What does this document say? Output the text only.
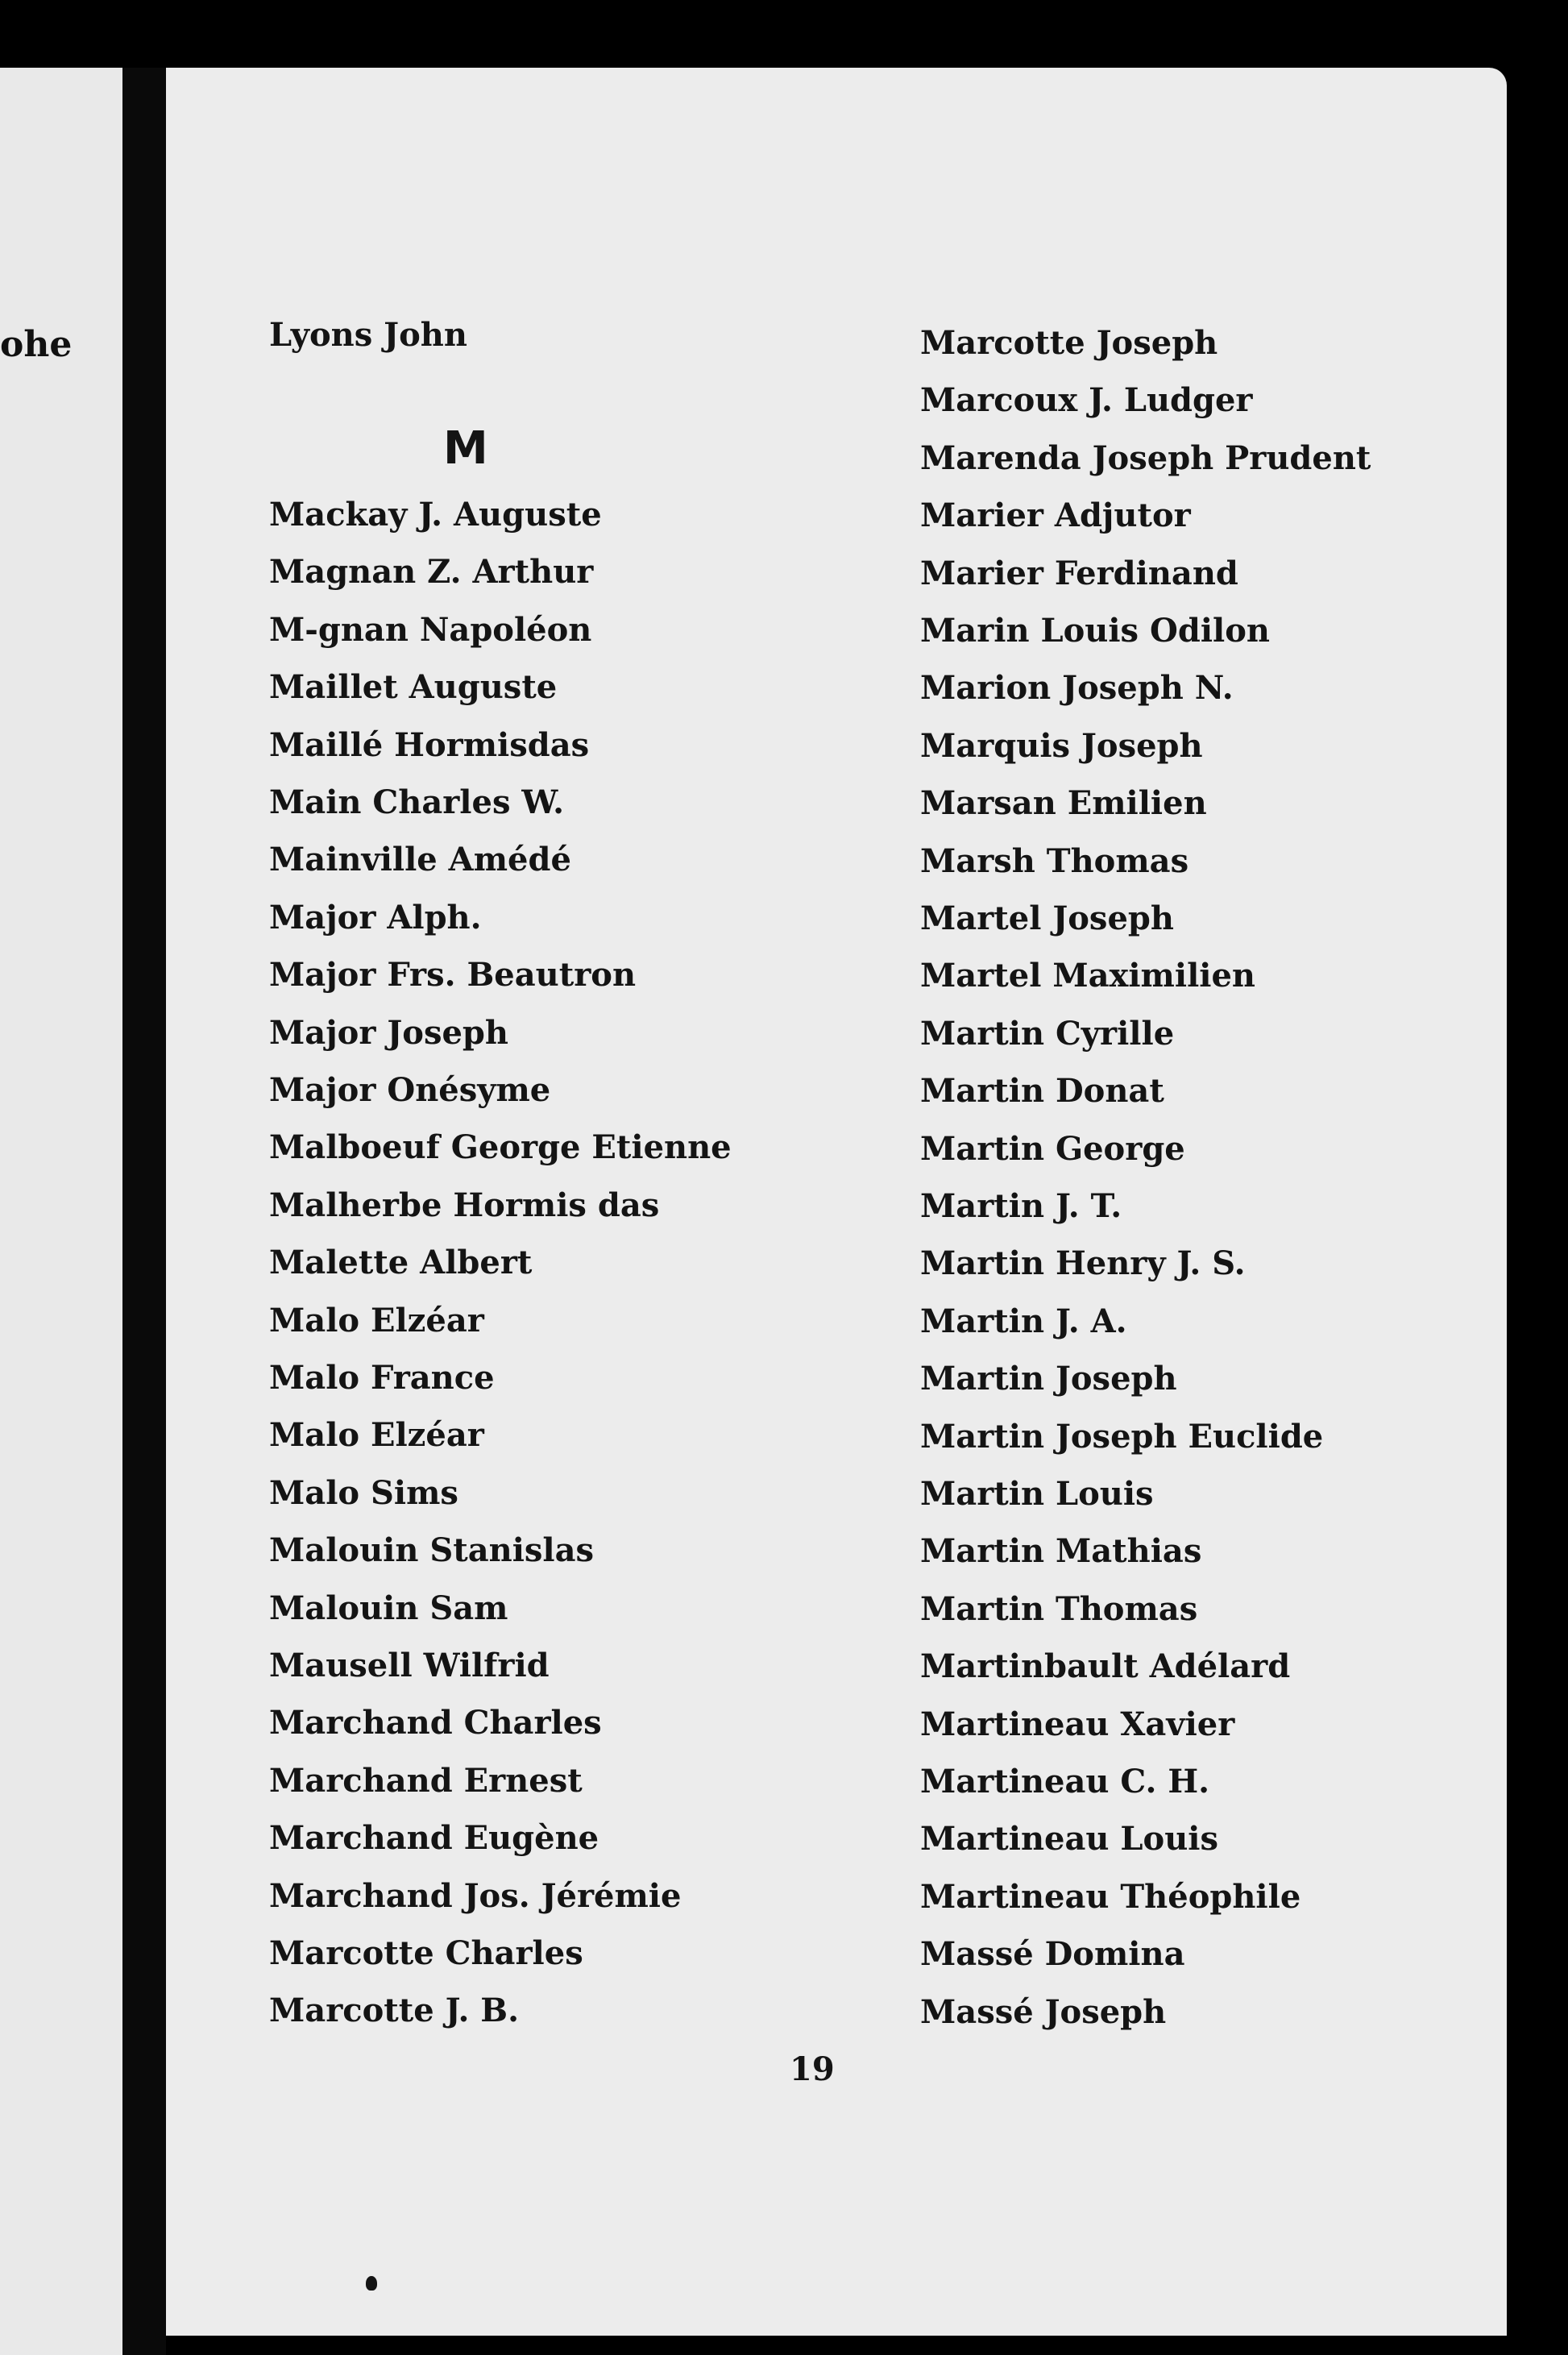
ohe
M
Lyons John
Mackay J. Auguste
Magnan Z. Arthur
M-gnan Napoléon
Maillet Auguste
Maillé Hormisdas
Main Charles W.
Mainville Amédé
Major Alph.
Major Frs. Beautron
Major Joseph
Major Onésyme
Malboeuf George Etienne
Malherbe Hormis das
Malette Albert
Malo Elzéar
Malo France
Malo Elzéar
Malo Sims
Malouin Stanislas
Malouin Sam
Mausell Wilfrid
Marchand Charles
Marchand Ernest
Marchand Eugène
Marchand Jos. Jérémie
Marcotte Charles
Marcotte J. B.
Marcotte Joseph
Marcoux J. Ludger
Marenda Joseph Prudent
Marier Adjutor
Marier Ferdinand
Marin Louis Odilon
Marion Joseph N.
Marquis Joseph
Marsan Emilien
Marsh Thomas
Martel Joseph
Martel Maximilien
Martin Cyrille
Martin Donat
Martin George
Martin J. T.
Martin Henry J. S.
Martin J. A.
Martin Joseph
Martin Joseph Euclide
Martin Louis
Martin Mathias
Martin Thomas
Martinbault Adélard
Martineau Xavier
Martineau C. H.
Martineau Louis
Martineau Théophile
Massé Domina
Massé Joseph
19
